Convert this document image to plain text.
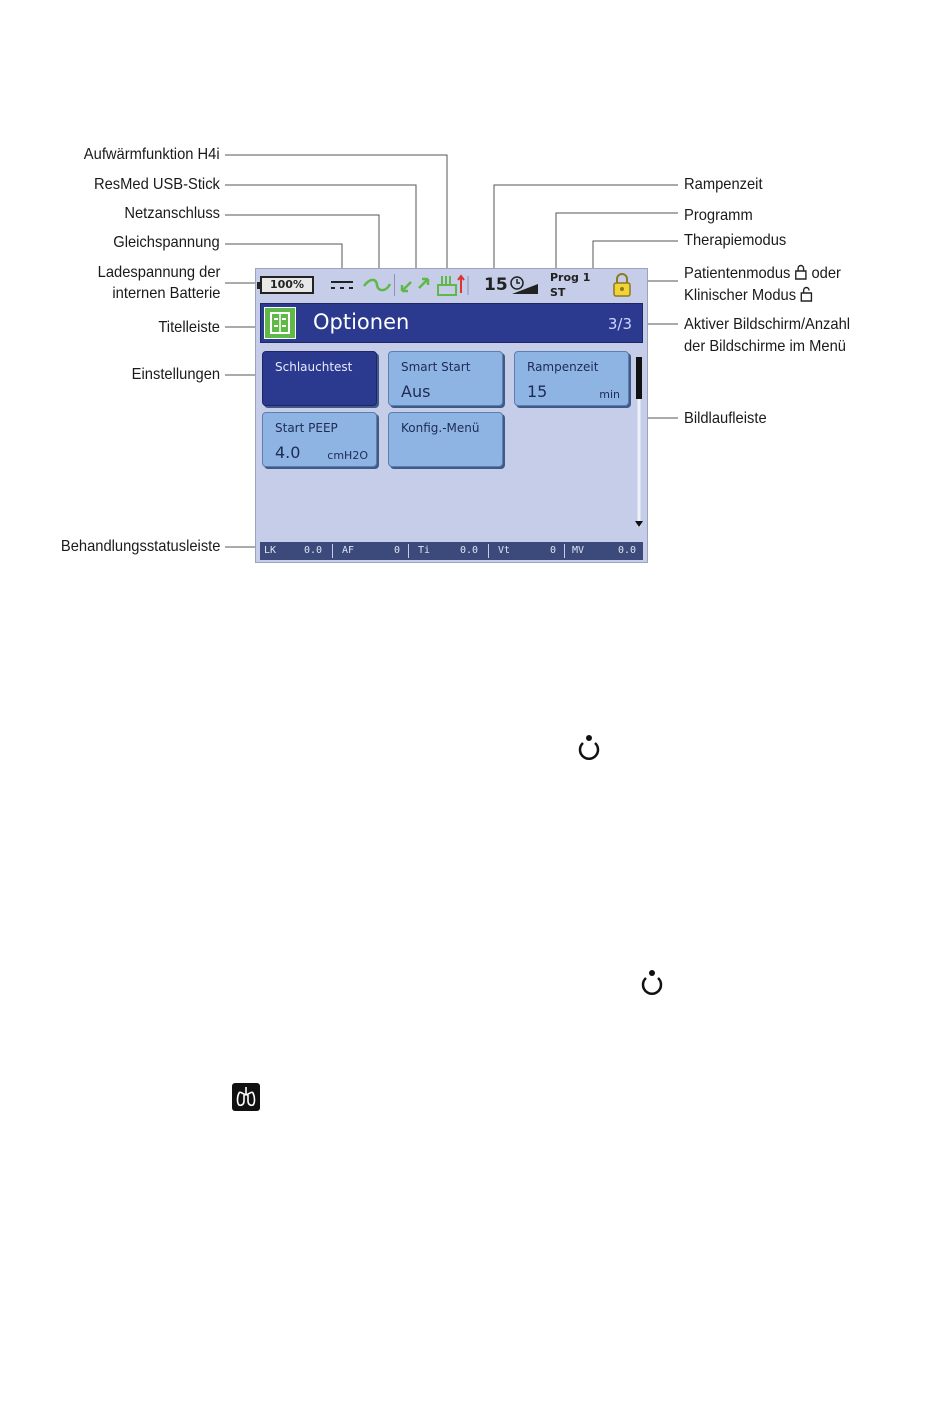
Aufwärmfunktion H4i
ResMed USB-Stick
Netzanschluss
Gleichspannung
Ladespannung der
internen Batterie
Titelleiste
Einstellungen
Behandlungsstatusleiste
Rampenzeit
Programm
Therapiemodus
Patientenmodus oder
Klinischer Modus
Aktiver Bildschirm/Anzahl
der Bildschirme im Menü
Bildlaufleiste
100%	15	Prog 1
ST
Optionen	3/3
Schlauchtest	Smart Start
Aus
Rampenzeit
15	min
Start PEEP
4.0 cmH2O
Konfig.-Menü
LK	0.0 AF	0 Ti	0.0 Vt	0 MV	0.0
